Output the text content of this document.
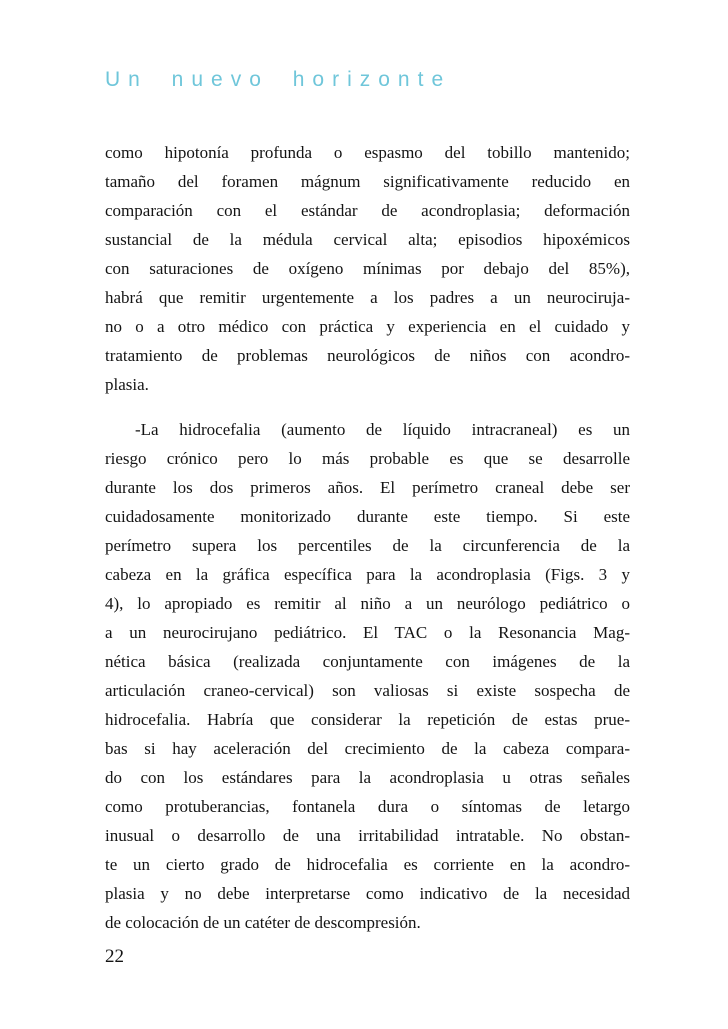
Un nuevo horizonte
como hipotonía profunda o espasmo del tobillo mantenido;
tamaño del foramen mágnum significativamente reducido en
comparación con el estándar de acondroplasia; deformación
sustancial de la médula cervical alta; episodios hipoxémicos
con saturaciones de oxígeno mínimas por debajo del 85%),
habrá que remitir urgentemente a los padres a un neurociruja-
no o a otro médico con práctica y experiencia en el cuidado y
tratamiento de problemas neurológicos de niños con acondro-
plasia.
-La hidrocefalia (aumento de líquido intracraneal) es un
riesgo crónico pero lo más probable es que se desarrolle
durante los dos primeros años. El perímetro craneal debe ser
cuidadosamente monitorizado durante este tiempo. Si este
perímetro supera los percentiles de la circunferencia de la
cabeza en la gráfica específica para la acondroplasia (Figs. 3 y
4), lo apropiado es remitir al niño a un neurólogo pediátrico o
a un neurocirujano pediátrico. El TAC o la Resonancia Mag-
nética básica (realizada conjuntamente con imágenes de la
articulación craneo-cervical) son valiosas si existe sospecha de
hidrocefalia. Habría que considerar la repetición de estas prue-
bas si hay aceleración del crecimiento de la cabeza compara-
do con los estándares para la acondroplasia u otras señales
como protuberancias, fontanela dura o síntomas de letargo
inusual o desarrollo de una irritabilidad intratable. No obstan-
te un cierto grado de hidrocefalia es corriente en la acondro-
plasia y no debe interpretarse como indicativo de la necesidad
de colocación de un catéter de descompresión.
22
